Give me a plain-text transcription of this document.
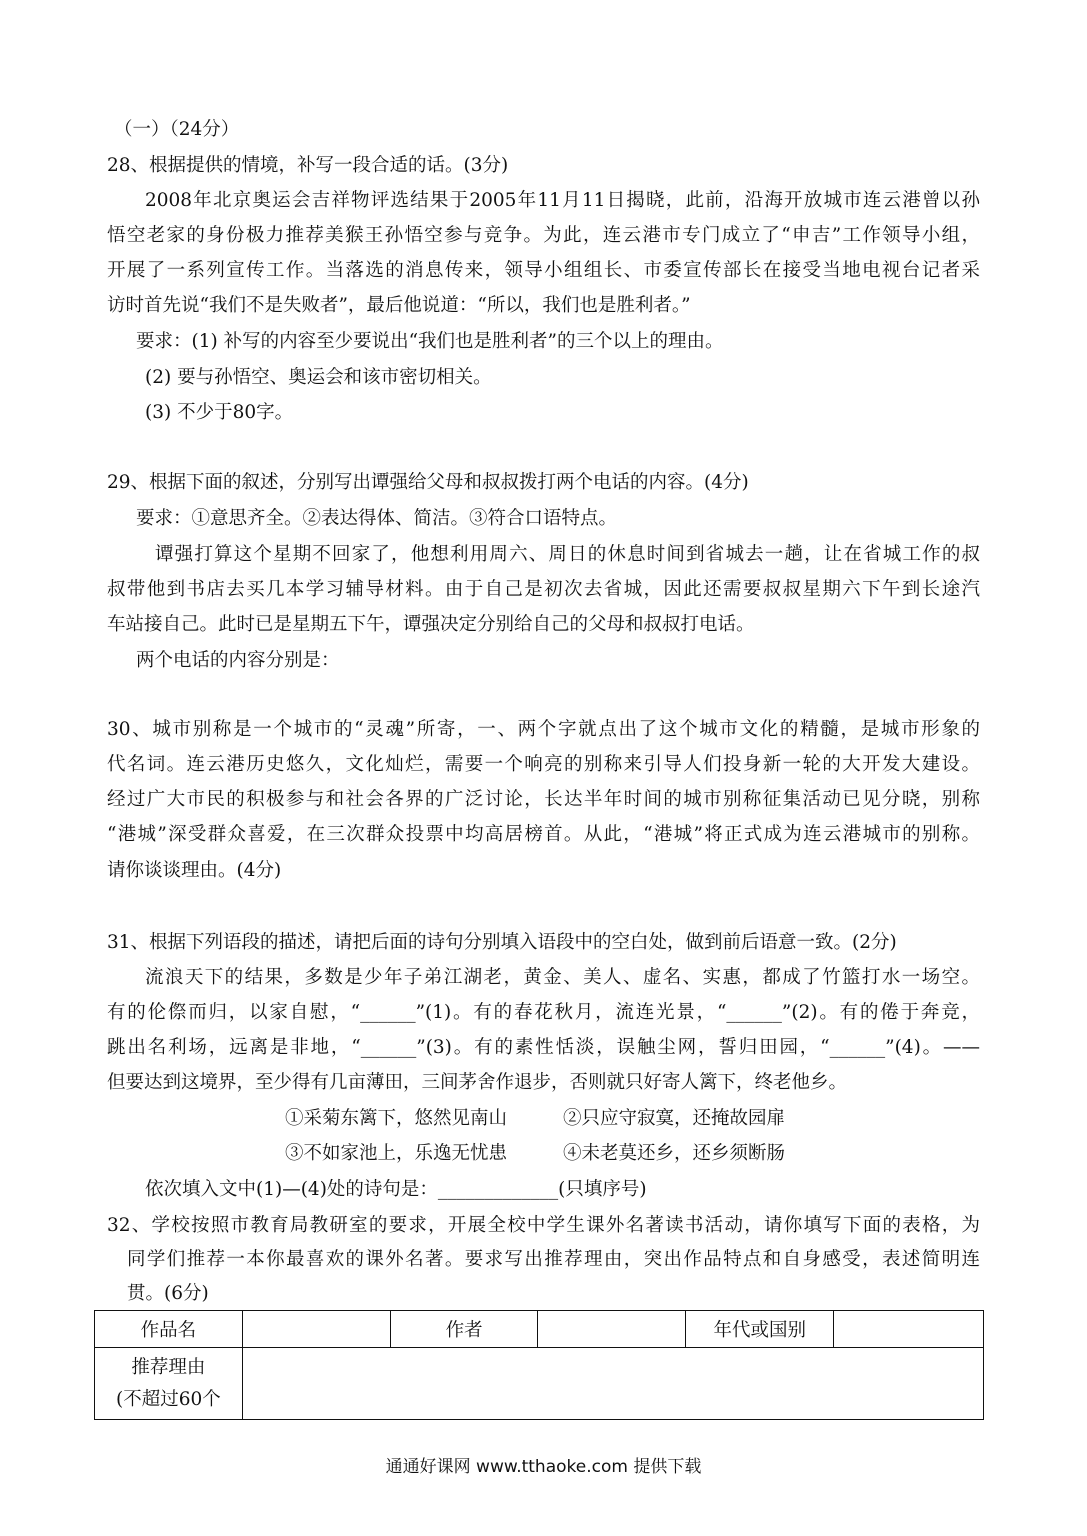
（一）（24分）
28、根据提供的情境，补写一段合适的话。(3分)
2008年北京奥运会吉祥物评选结果于2005年11月11日揭晓，此前，沿海开放城市连云港曾以孙
悟空老家的身份极力推荐美猴王孙悟空参与竞争。为此，连云港市专门成立了“申吉”工作领导小组，
开展了一系列宣传工作。当落选的消息传来，领导小组组长、市委宣传部长在接受当地电视台记者采
访时首先说“我们不是失败者”，最后他说道：“所以，我们也是胜利者。”
要求：(1) 补写的内容至少要说出“我们也是胜利者”的三个以上的理由。
(2) 要与孙悟空、奥运会和该市密切相关。
(3) 不少于80字。
29、根据下面的叙述，分别写出谭强给父母和叔叔拨打两个电话的内容。(4分)
要求：①意思齐全。②表达得体、简洁。③符合口语特点。
谭强打算这个星期不回家了，他想利用周六、周日的休息时间到省城去一趟，让在省城工作的叔
叔带他到书店去买几本学习辅导材料。由于自己是初次去省城，因此还需要叔叔星期六下午到长途汽
车站接自己。此时已是星期五下午，谭强决定分别给自己的父母和叔叔打电话。
两个电话的内容分别是：
30、城市别称是一个城市的“灵魂”所寄，一、两个字就点出了这个城市文化的精髓，是城市形象的
代名词。连云港历史悠久，文化灿烂，需要一个响亮的别称来引导人们投身新一轮的大开发大建设。
经过广大市民的积极参与和社会各界的广泛讨论，长达半年时间的城市别称征集活动已见分晓，别称
“港城”深受群众喜爱，在三次群众投票中均高居榜首。从此，“港城”将正式成为连云港城市的别称。
请你谈谈理由。(4分)
31、根据下列语段的描述，请把后面的诗句分别填入语段中的空白处，做到前后语意一致。(2分)
流浪天下的结果，多数是少年子弟江湖老，黄金、美人、虚名、实惠，都成了竹篮打水一场空。
有的伦傺而归，以家自慰，“______”(1)。有的春花秋月，流连光景，“______”(2)。有的倦于奔竞，
跳出名利场，远离是非地，“______”(3)。有的素性恬淡，误触尘网，誓归田园，“______”(4)。——
但要达到这境界，至少得有几亩薄田，三间茅舍作退步，否则就只好寄人篱下，终老他乡。
①采菊东篱下，悠然见南山	②只应守寂寞，还掩故园扉
③不如家池上，乐逸无忧患	④未老莫还乡，还乡须断肠
依次填入文中(1)—(4)处的诗句是：_____________(只填序号)
32、学校按照市教育局教研室的要求，开展全校中学生课外名著读书活动，请你填写下面的表格，为
同学们推荐一本你最喜欢的课外名著。要求写出推荐理由，突出作品特点和自身感受，表述简明连
贯。(6分)
作品名		作者		年代或国别	

推荐理由
(不超过60个					

通通好课网 www.tthaoke.com 提供下载
